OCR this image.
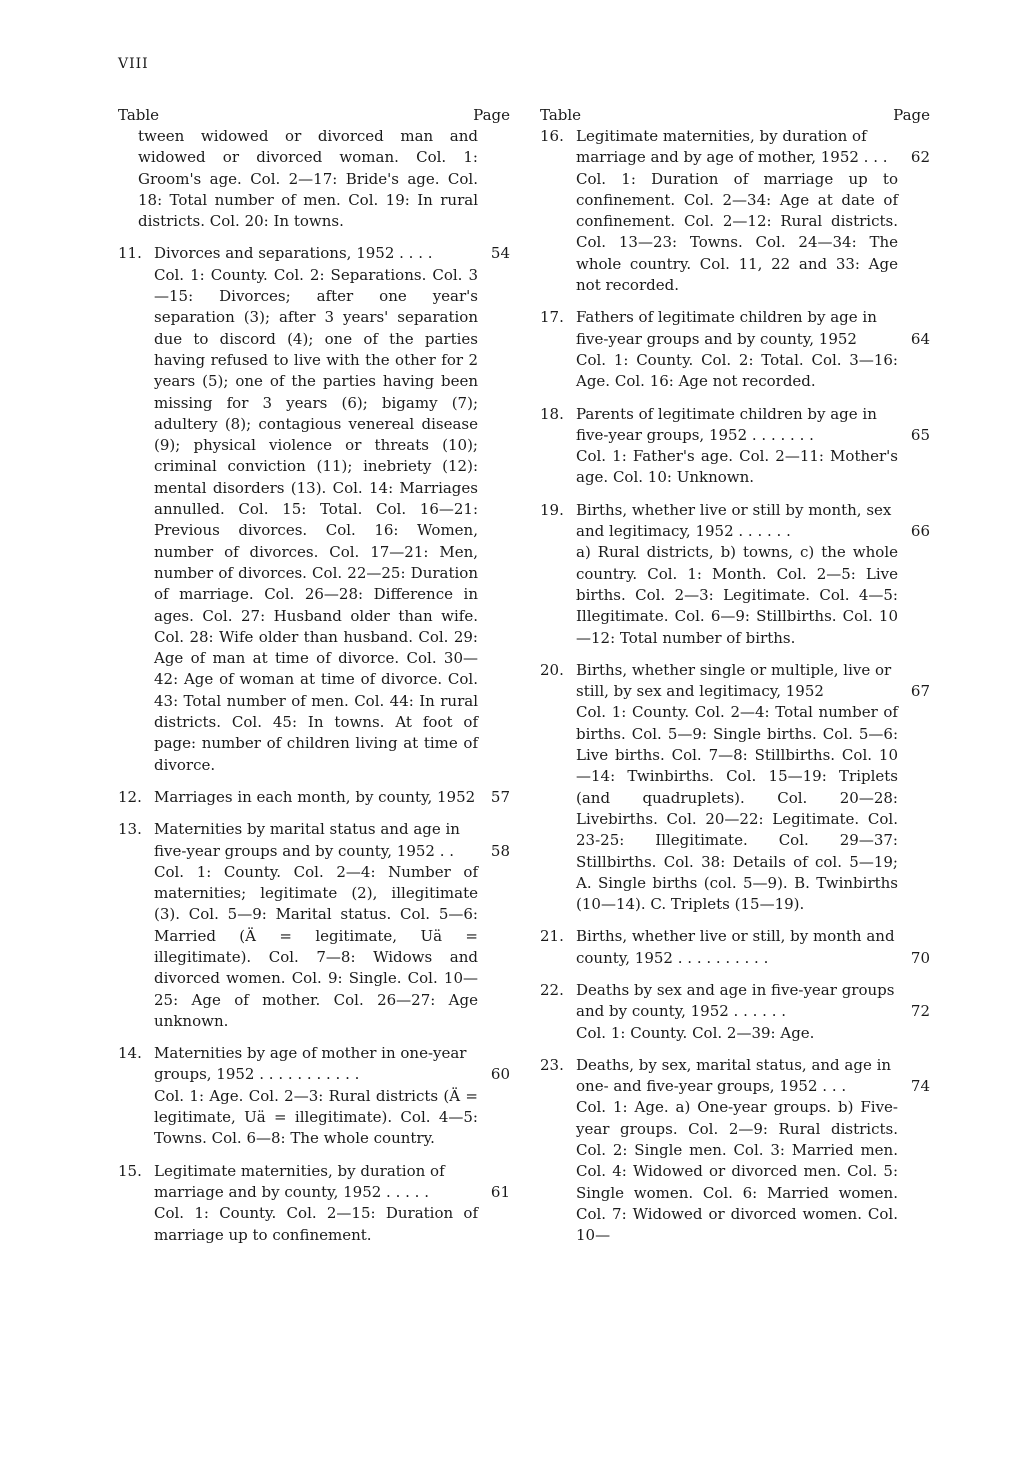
VIII
Table	Page
tween widowed or divorced man and widowed or divorced woman. Col. 1: Groom's age. Col. 2—17: Bride's age. Col. 18: Total number of men. Col. 19: In rural districts. Col. 20: In towns.
11. Divorces and separations, 1952 . . . .	54
Col. 1: County. Col. 2: Separations. Col. 3—15: Divorces; after one year's separation (3); after 3 years' separation due to discord (4); one of the parties having refused to live with the other for 2 years (5); one of the parties having been missing for 3 years (6); bigamy (7); adultery (8); contagious venereal disease (9); physical violence or threats (10); criminal conviction (11); inebriety (12): mental disorders (13). Col. 14: Marriages annulled. Col. 15: Total. Col. 16—21: Previous divorces. Col. 16: Women, number of divorces. Col. 17—21: Men, number of divorces. Col. 22—25: Duration of marriage. Col. 26—28: Difference in ages. Col. 27: Husband older than wife. Col. 28: Wife older than husband. Col. 29: Age of man at time of divorce. Col. 30—42: Age of woman at time of divorce. Col. 43: Total number of men. Col. 44: In rural districts. Col. 45: In towns. At foot of page: number of children living at time of divorce.
12. Marriages in each month, by county, 1952	57
13. Maternities by marital status and age in five-year groups and by county, 1952 . .	58
Col. 1: County. Col. 2—4: Number of maternities; legitimate (2), illegitimate (3). Col. 5—9: Marital status. Col. 5—6: Married (Ä = legitimate, Uä = illegitimate). Col. 7—8: Widows and divorced women. Col. 9: Single. Col. 10—25: Age of mother. Col. 26—27: Age unknown.
14. Maternities by age of mother in one-year groups, 1952 . . . . . . . . . . .	60
Col. 1: Age. Col. 2—3: Rural districts (Ä = legitimate, Uä = illegitimate). Col. 4—5: Towns. Col. 6—8: The whole country.
15. Legitimate maternities, by duration of marriage and by county, 1952 . . . . .	61
Col. 1: County. Col. 2—15: Duration of marriage up to confinement.
Table	Page
16. Legitimate maternities, by duration of marriage and by age of mother, 1952 . . .	62
Col. 1: Duration of marriage up to confinement. Col. 2—34: Age at date of confinement. Col. 2—12: Rural districts. Col. 13—23: Towns. Col. 24—34: The whole country. Col. 11, 22 and 33: Age not recorded.
17. Fathers of legitimate children by age in five-year groups and by county, 1952	64
Col. 1: County. Col. 2: Total. Col. 3—16: Age. Col. 16: Age not recorded.
18. Parents of legitimate children by age in five-year groups, 1952 . . . . . . .	65
Col. 1: Father's age. Col. 2—11: Mother's age. Col. 10: Unknown.
19. Births, whether live or still by month, sex and legitimacy, 1952 . . . . . .	66
a) Rural districts, b) towns, c) the whole country. Col. 1: Month. Col. 2—5: Live births. Col. 2—3: Legitimate. Col. 4—5: Illegitimate. Col. 6—9: Stillbirths. Col. 10—12: Total number of births.
20. Births, whether single or multiple, live or still, by sex and legitimacy, 1952	67
Col. 1: County. Col. 2—4: Total number of births. Col. 5—9: Single births. Col. 5—6: Live births. Col. 7—8: Stillbirths. Col. 10—14: Twinbirths. Col. 15—19: Triplets (and quadruplets). Col. 20—28: Livebirths. Col. 20—22: Legitimate. Col. 23-25: Illegitimate. Col. 29—37: Stillbirths. Col. 38: Details of col. 5—19; A. Single births (col. 5—9). B. Twinbirths (10—14). C. Triplets (15—19).
21. Births, whether live or still, by month and county, 1952 . . . . . . . . . .	70
22. Deaths by sex and age in five-year groups and by county, 1952 . . . . . .	72
Col. 1: County. Col. 2—39: Age.
23. Deaths, by sex, marital status, and age in one- and five-year groups, 1952 . . .	74
Col. 1: Age. a) One-year groups. b) Five-year groups. Col. 2—9: Rural districts. Col. 2: Single men. Col. 3: Married men. Col. 4: Widowed or divorced men. Col. 5: Single women. Col. 6: Married women. Col. 7: Widowed or divorced women. Col. 10—
